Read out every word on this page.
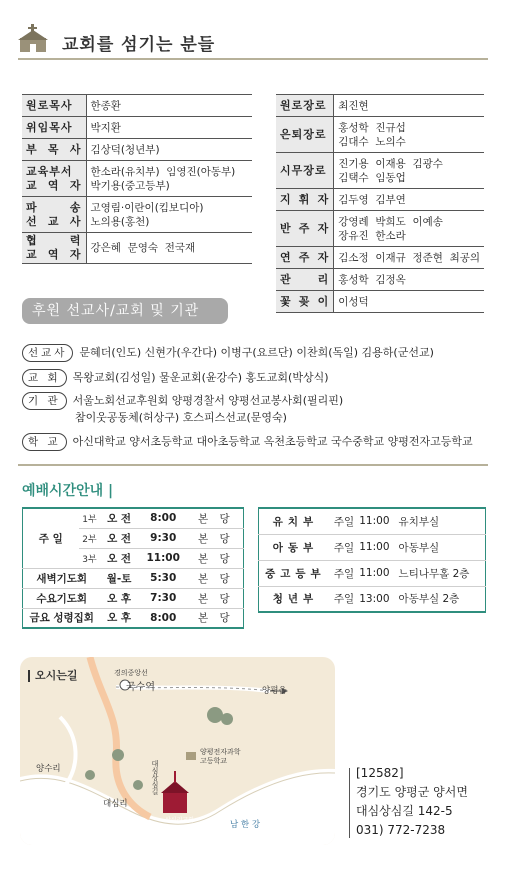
교회를 섬기는 분들
원로목사	한종환
위임목사	박지환
부 목 사	김상덕(청년부)
교육부서
교 역 자	한소라(유치부)  임영진(아동부)
박기용(중고등부)
파    송
선 교 사	고영림·이란이(킴보디아)
노의용(홍천)
협    력
교 역 자	강은혜  문영숙  전국재
원로장로	최진현
은퇴장로	홍성학  진규섭
김대수  노의수
시무장로	진기용  이재용  김광수
김택수  임동업
지 휘 자	김두영  김부연
반 주 자	강영례  박희도  이예송
장유진  한소라
연 주 자	김소정  이재규  정준현  최공의
관    리	홍성학  김정옥
꽃 꽂 이	이성덕
후원 선교사/교회 및 기관
선교사 문혜더(인도) 신현가(우간다) 이병구(요르단) 이찬희(독일) 김용하(군선교)
교 회 목왕교회(김성일) 물운교회(윤강수) 홍도교회(박상식)
기 관 서울노회선교후원회 양평경찰서 양평선교봉사회(필리핀)
참이웃공동체(허상구) 호스피스선교(문영숙)
학 교 아신대학교 양서초등학교 대아초등학교 옥천초등학교 국수중학교 양평전자고등학교
예배시간안내 |
주 일	1부	오 전	8:00	본 당
	2부	오 전	9:30	본 당
	3부	오 전	11:00	본 당
새벽기도회		월-토	5:30	본 당
수요기도회		오 후	7:30	본 당
금요 성령집회		오 후	8:00	본 당
유치부	주일	11:00	유치부실
아동부	주일	11:00	아동부실
중고등부	주일	11:00	느티나무홀 2층
청년부	주일	13:00	아동부실 2층
오시는길	경의중앙선
국수역	양평읍
양평전자과학
고등학교
양수리
대심리
대심상심길
상심리교회	남 한 강
[12582]
경기도 양평군 양서면
대심상심길 142-5
031) 772-7238
